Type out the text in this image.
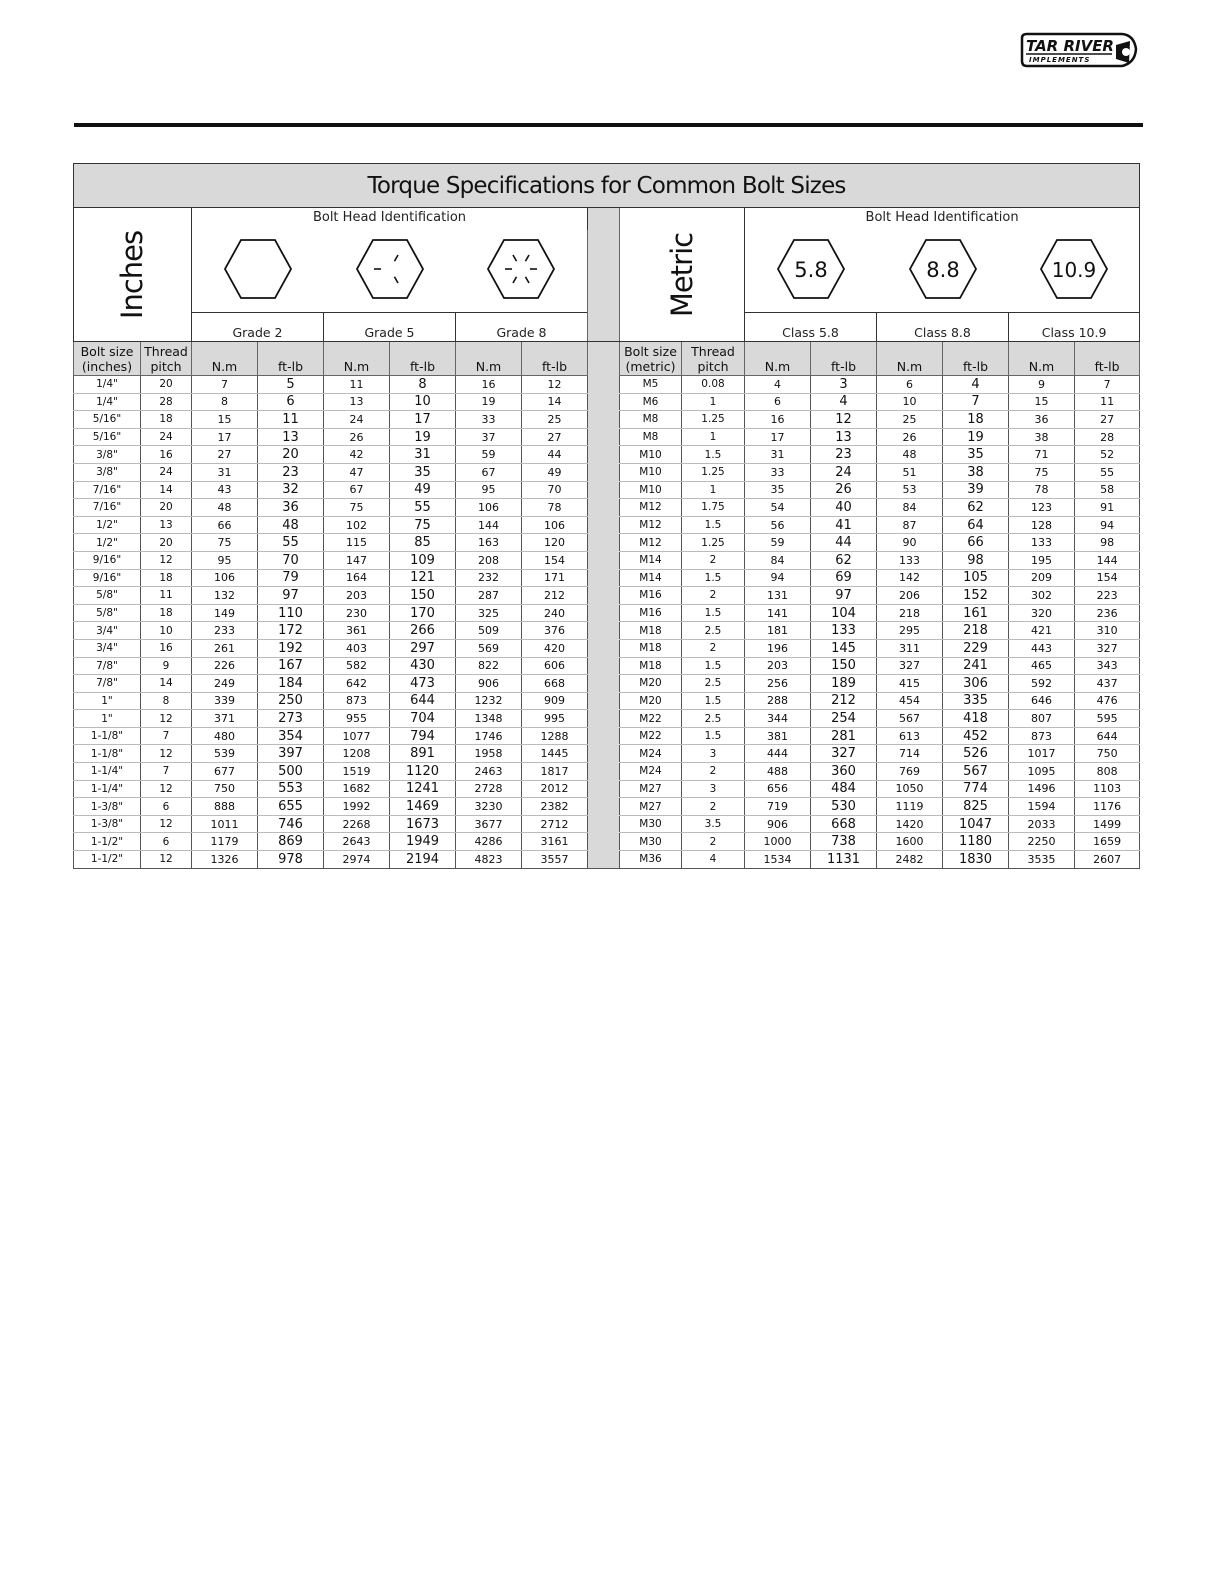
TAR RIVER
IMPLEMENTS
Torque Specifications for Common Bolt Sizes																
Inches		Bolt Head Identification							Metric		Bolt Head Identification					

5.8		8.8		10.9	

		Grade 2		Grade 5		Grade 8					Class 5.8		Class 8.8		Class 10.9	
Bolt size
(inches)	Thread
pitch	N.m	ft-lb	N.m	ft-lb	N.m	ft-lb		Bolt size
(metric)	Thread
pitch	N.m	ft-lb	N.m	ft-lb	N.m	ft-lb
1/4"	20	7	5	11	8	16	12		M5	0.08	4	3	6	4	9	7
1/4"	28	8	6	13	10	19	14		M6	1	6	4	10	7	15	11
5/16"	18	15	11	24	17	33	25		M8	1.25	16	12	25	18	36	27
5/16"	24	17	13	26	19	37	27		M8	1	17	13	26	19	38	28
3/8"	16	27	20	42	31	59	44		M10	1.5	31	23	48	35	71	52
3/8"	24	31	23	47	35	67	49		M10	1.25	33	24	51	38	75	55
7/16"	14	43	32	67	49	95	70		M10	1	35	26	53	39	78	58
7/16"	20	48	36	75	55	106	78		M12	1.75	54	40	84	62	123	91
1/2"	13	66	48	102	75	144	106		M12	1.5	56	41	87	64	128	94
1/2"	20	75	55	115	85	163	120		M12	1.25	59	44	90	66	133	98
9/16"	12	95	70	147	109	208	154		M14	2	84	62	133	98	195	144
9/16"	18	106	79	164	121	232	171		M14	1.5	94	69	142	105	209	154
5/8"	11	132	97	203	150	287	212		M16	2	131	97	206	152	302	223
5/8"	18	149	110	230	170	325	240		M16	1.5	141	104	218	161	320	236
3/4"	10	233	172	361	266	509	376		M18	2.5	181	133	295	218	421	310
3/4"	16	261	192	403	297	569	420		M18	2	196	145	311	229	443	327
7/8"	9	226	167	582	430	822	606		M18	1.5	203	150	327	241	465	343
7/8"	14	249	184	642	473	906	668		M20	2.5	256	189	415	306	592	437
1"	8	339	250	873	644	1232	909		M20	1.5	288	212	454	335	646	476
1"	12	371	273	955	704	1348	995		M22	2.5	344	254	567	418	807	595
1-1/8"	7	480	354	1077	794	1746	1288		M22	1.5	381	281	613	452	873	644
1-1/8"	12	539	397	1208	891	1958	1445		M24	3	444	327	714	526	1017	750
1-1/4"	7	677	500	1519	1120	2463	1817		M24	2	488	360	769	567	1095	808
1-1/4"	12	750	553	1682	1241	2728	2012		M27	3	656	484	1050	774	1496	1103
1-3/8"	6	888	655	1992	1469	3230	2382		M27	2	719	530	1119	825	1594	1176
1-3/8"	12	1011	746	2268	1673	3677	2712		M30	3.5	906	668	1420	1047	2033	1499
1-1/2"	6	1179	869	2643	1949	4286	3161		M30	2	1000	738	1600	1180	2250	1659
1-1/2"	12	1326	978	2974	2194	4823	3557		M36	4	1534	1131	2482	1830	3535	2607
